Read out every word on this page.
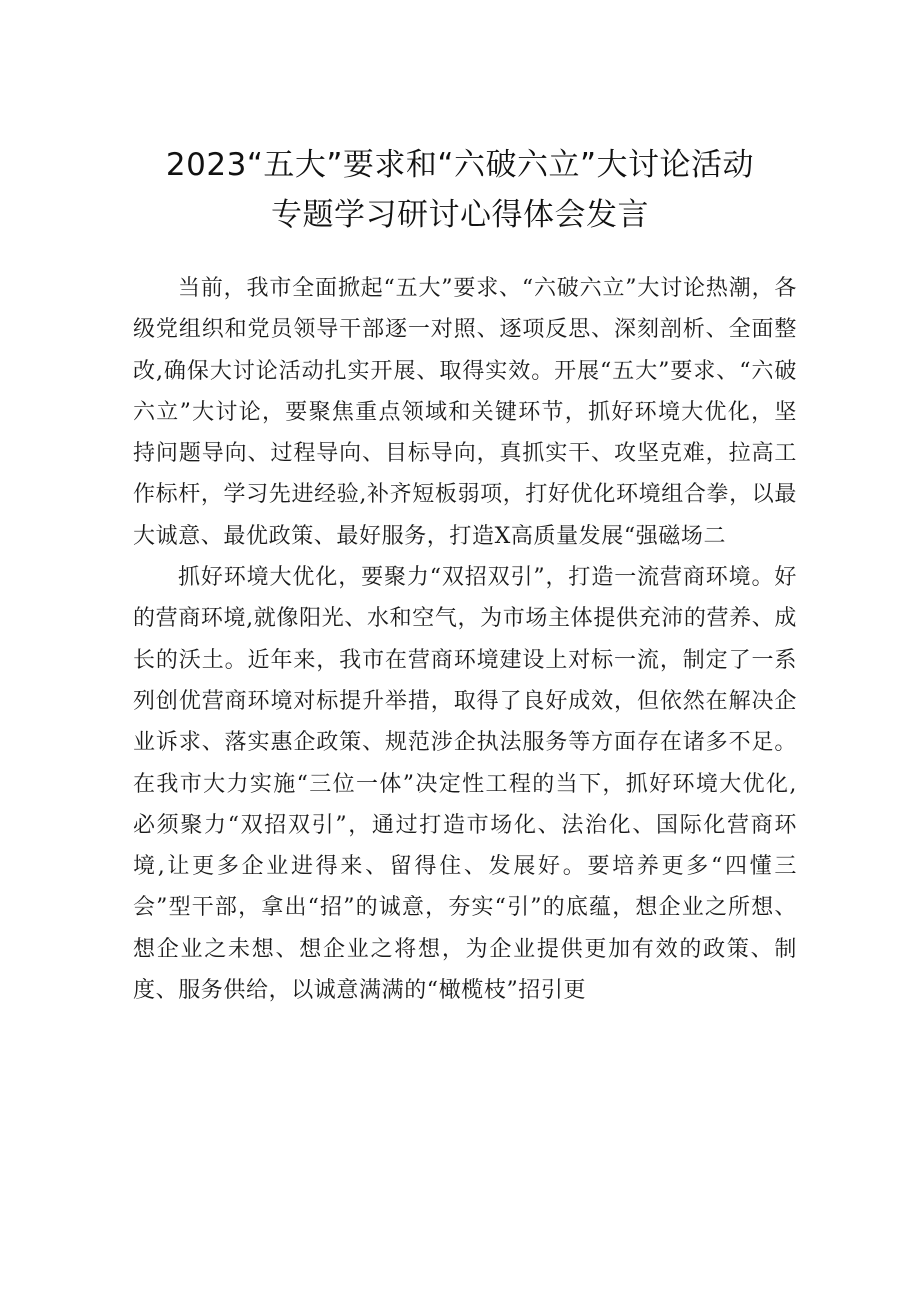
2023“五大”要求和“六破六立”大讨论活动
专题学习研讨心得体会发言

当前，我市全面掀起“五大”要求、“六破六立”大讨论热潮，各级党组织和党员领导干部逐一对照、逐项反思、深刻剖析、全面整改,确保大讨论活动扎实开展、取得实效。开展“五大”要求、“六破六立”大讨论，要聚焦重点领域和关键环节，抓好环境大优化，坚持问题导向、过程导向、目标导向，真抓实干、攻坚克难，拉高工作标杆，学习先进经验,补齐短板弱项，打好优化环境组合拳，以最大诚意、最优政策、最好服务，打造X高质量发展“强磁场二

抓好环境大优化，要聚力“双招双引”，打造一流营商环境。好的营商环境,就像阳光、水和空气，为市场主体提供充沛的营养、成长的沃土。近年来，我市在营商环境建设上对标一流，制定了一系列创优营商环境对标提升举措，取得了良好成效，但依然在解决企业诉求、落实惠企政策、规范涉企执法服务等方面存在诸多不足。在我市大力实施“三位一体”决定性工程的当下，抓好环境大优化,必须聚力“双招双引”，通过打造市场化、法治化、国际化营商环境,让更多企业进得来、留得住、发展好。要培养更多“四懂三会”型干部，拿出“招”的诚意，夯实“引”的底蕴，想企业之所想、想企业之未想、想企业之将想，为企业提供更加有效的政策、制度、服务供给，以诚意满满的“橄榄枝”招引更
